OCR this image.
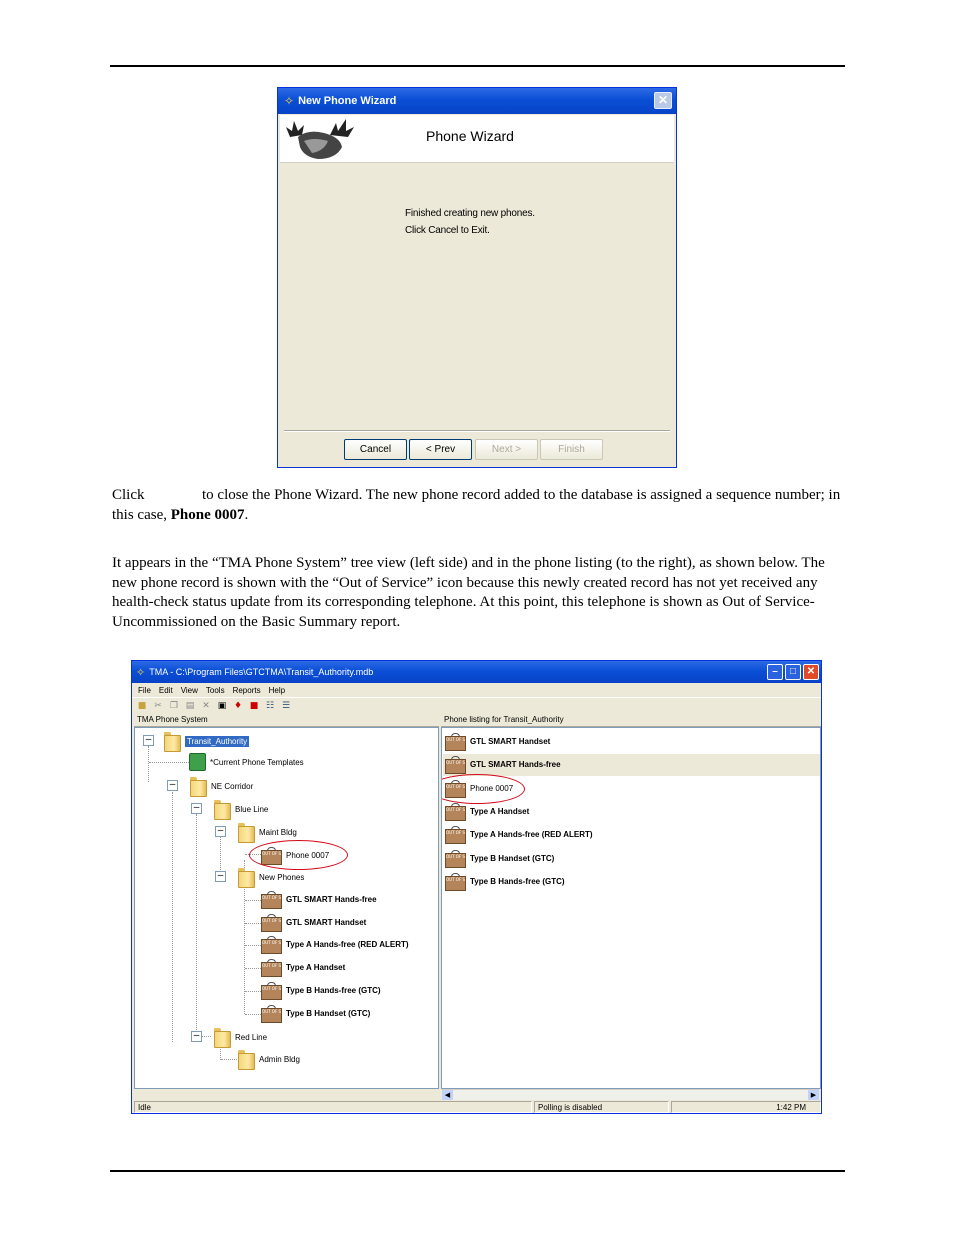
✧ New Phone Wizard	✕
Phone Wizard
Finished creating new phones.
Click Cancel to Exit.
Cancel	< Prev	Next >	Finish
Click	to close the Phone Wizard. The new phone record added to the database is assigned a sequence number; in this case, Phone 0007.
It appears in the “TMA Phone System” tree view (left side) and in the phone listing (to the right), as shown below. The new phone record is shown with the “Out of Service” icon because this newly created record has not yet received any health-check status update from its corresponding telephone. At this point, this telephone is shown as Out of Service-Uncommissioned on the Basic Summary report.
✧ TMA - C:\Program Files\GTCTMA\Transit_Authority.mdb	–	□	✕
File Edit View Tools Reports Help
■ ✂ ❐ ▤ ✕ ▣ ♦ ■ ☷ ☰
TMA Phone System	Phone listing for Transit_Authority
–	Transit_Authority
*Current Phone Templates
–	NE Corridor
–	Blue Line
–	Maint Bldg
OUT OF SERVICE
Phone 0007
–	New Phones
OUT OF SERVICE
GTL SMART Hands-free
OUT OF SERVICE
GTL SMART Handset
OUT OF SERVICE
Type A Hands-free (RED ALERT)
OUT OF SERVICE
Type A Handset
OUT OF SERVICE
Type B Hands-free (GTC)
OUT OF SERVICE
Type B Handset (GTC)
–	Red Line
Admin Bldg
OUT OF SERVICE
GTL SMART Handset
OUT OF SERVICE
GTL SMART Hands-free
OUT OF SERVICE
Phone 0007
OUT OF SERVICE
Type A Handset
OUT OF SERVICE
Type A Hands-free (RED ALERT)
OUT OF SERVICE
Type B Handset (GTC)
OUT OF SERVICE
Type B Hands-free (GTC)
◀	▶
Idle	Polling is disabled	1:42 PM
